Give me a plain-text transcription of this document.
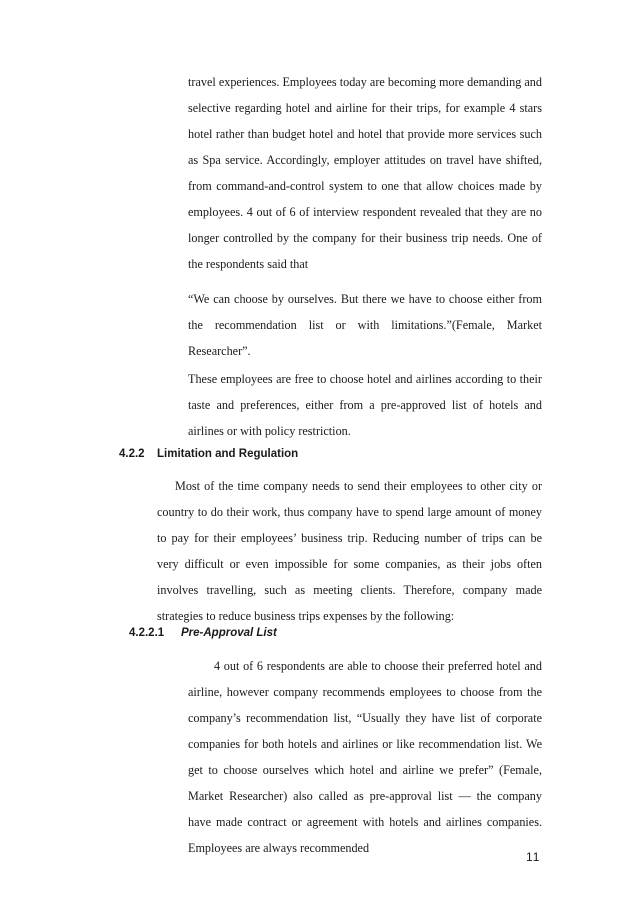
travel experiences. Employees today are becoming more demanding and selective regarding hotel and airline for their trips, for example 4 stars hotel rather than budget hotel and hotel that provide more services such as Spa service. Accordingly, employer attitudes on travel have shifted, from command-and-control system to one that allow choices made by employees. 4 out of 6 of interview respondent revealed that they are no longer controlled by the company for their business trip needs. One of the respondents said that

“We can choose by ourselves. But there we have to choose either from the recommendation list or with limitations.”(Female, Market Researcher”.

These employees are free to choose hotel and airlines according to their taste and preferences, either from a pre-approved list of hotels and airlines or with policy restriction.

4.2.2 Limitation and Regulation

Most of the time company needs to send their employees to other city or country to do their work, thus company have to spend large amount of money to pay for their employees’ business trip. Reducing number of trips can be very difficult or even impossible for some companies, as their jobs often involves travelling, such as meeting clients. Therefore, company made strategies to reduce business trips expenses by the following:

4.2.2.1 Pre-Approval List

4 out of 6 respondents are able to choose their preferred hotel and airline, however company recommends employees to choose from the company’s recommendation list, “Usually they have list of corporate companies for both hotels and airlines or like recommendation list. We get to choose ourselves which hotel and airline we prefer” (Female, Market Researcher) also called as pre-approval list — the company have made contract or agreement with hotels and airlines companies. Employees are always recommended

11
